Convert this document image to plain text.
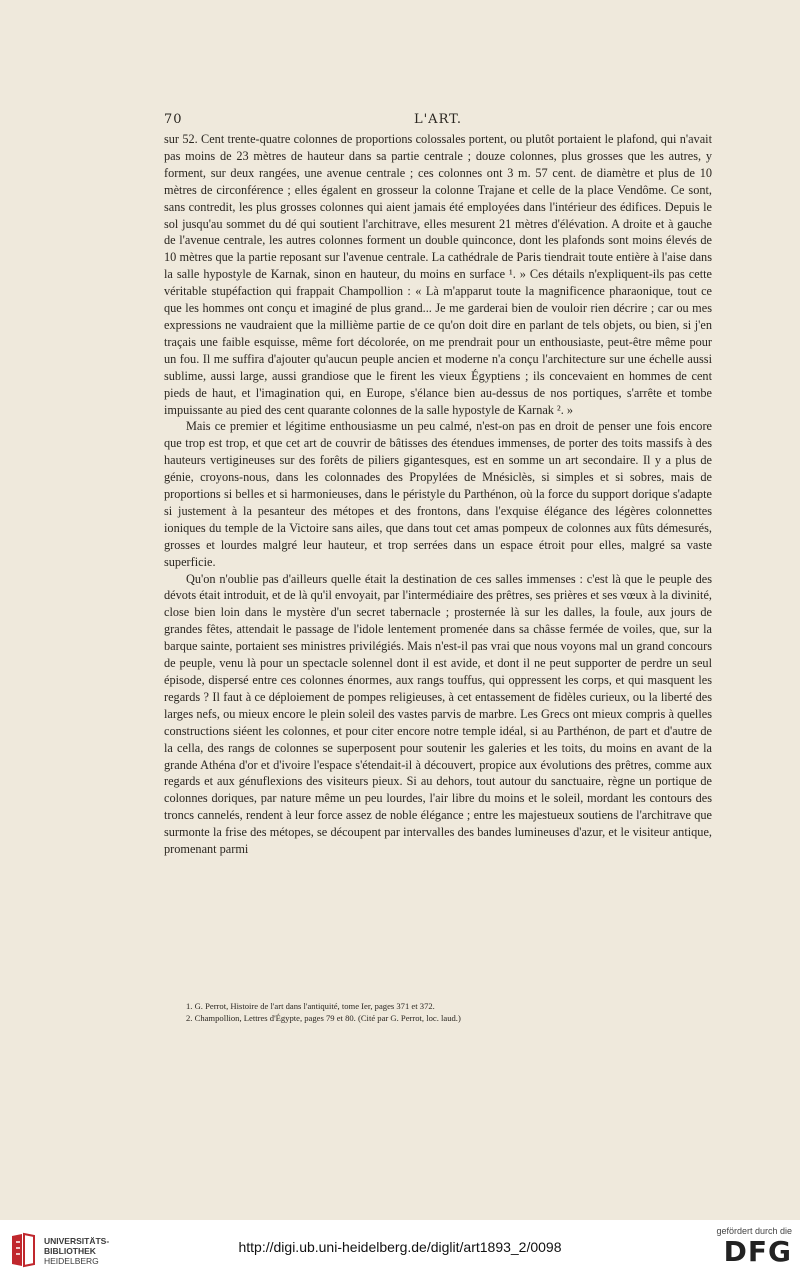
70	L'ART.

sur 52. Cent trente-quatre colonnes de proportions colossales portent, ou plutôt portaient le plafond, qui n'avait pas moins de 23 mètres de hauteur dans sa partie centrale ; douze colonnes, plus grosses que les autres, y forment, sur deux rangées, une avenue centrale ; ces colonnes ont 3 m. 57 cent. de diamètre et plus de 10 mètres de circonférence ; elles égalent en grosseur la colonne Trajane et celle de la place Vendôme. Ce sont, sans contredit, les plus grosses colonnes qui aient jamais été employées dans l'intérieur des édifices. Depuis le sol jusqu'au sommet du dé qui soutient l'architrave, elles mesurent 21 mètres d'élévation. A droite et à gauche de l'avenue centrale, les autres colonnes forment un double quinconce, dont les plafonds sont moins élevés de 10 mètres que la partie reposant sur l'avenue centrale. La cathédrale de Paris tiendrait toute entière à l'aise dans la salle hypostyle de Karnak, sinon en hauteur, du moins en surface ¹. » Ces détails n'expliquent-ils pas cette véritable stupéfaction qui frappait Champollion : « Là m'apparut toute la magnificence pharaonique, tout ce que les hommes ont conçu et imaginé de plus grand... Je me garderai bien de vouloir rien décrire ; car ou mes expressions ne vaudraient que la millième partie de ce qu'on doit dire en parlant de tels objets, ou bien, si j'en traçais une faible esquisse, même fort décolorée, on me prendrait pour un enthousiaste, peut-être même pour un fou. Il me suffira d'ajouter qu'aucun peuple ancien et moderne n'a conçu l'architecture sur une échelle aussi sublime, aussi large, aussi grandiose que le firent les vieux Égyptiens ; ils concevaient en hommes de cent pieds de haut, et l'imagination qui, en Europe, s'élance bien au-dessus de nos portiques, s'arrête et tombe impuissante au pied des cent quarante colonnes de la salle hypostyle de Karnak ². »

Mais ce premier et légitime enthousiasme un peu calmé, n'est-on pas en droit de penser une fois encore que trop est trop, et que cet art de couvrir de bâtisses des étendues immenses, de porter des toits massifs à des hauteurs vertigineuses sur des forêts de piliers gigantesques, est en somme un art secondaire. Il y a plus de génie, croyons-nous, dans les colonnades des Propylées de Mnésiclès, si simples et si sobres, mais de proportions si belles et si harmonieuses, dans le péristyle du Parthénon, où la force du support dorique s'adapte si justement à la pesanteur des métopes et des frontons, dans l'exquise élégance des légères colonnettes ioniques du temple de la Victoire sans ailes, que dans tout cet amas pompeux de colonnes aux fûts démesurés, grosses et lourdes malgré leur hauteur, et trop serrées dans un espace étroit pour elles, malgré sa vaste superficie.

Qu'on n'oublie pas d'ailleurs quelle était la destination de ces salles immenses : c'est là que le peuple des dévots était introduit, et de là qu'il envoyait, par l'intermédiaire des prêtres, ses prières et ses vœux à la divinité, close bien loin dans le mystère d'un secret tabernacle ; prosternée là sur les dalles, la foule, aux jours de grandes fêtes, attendait le passage de l'idole lentement promenée dans sa châsse fermée de voiles, que, sur la barque sainte, portaient ses ministres privilégiés. Mais n'est-il pas vrai que nous voyons mal un grand concours de peuple, venu là pour un spectacle solennel dont il est avide, et dont il ne peut supporter de perdre un seul épisode, dispersé entre ces colonnes énormes, aux rangs touffus, qui oppressent les corps, et qui masquent les regards ? Il faut à ce déploiement de pompes religieuses, à cet entassement de fidèles curieux, ou la liberté des larges nefs, ou mieux encore le plein soleil des vastes parvis de marbre. Les Grecs ont mieux compris à quelles constructions siéent les colonnes, et pour citer encore notre temple idéal, si au Parthénon, de part et d'autre de la cella, des rangs de colonnes se superposent pour soutenir les galeries et les toits, du moins en avant de la grande Athéna d'or et d'ivoire l'espace s'étendait-il à découvert, propice aux évolutions des prêtres, comme aux regards et aux génuflexions des visiteurs pieux. Si au dehors, tout autour du sanctuaire, règne un portique de colonnes doriques, par nature même un peu lourdes, l'air libre du moins et le soleil, mordant les contours des troncs cannelés, rendent à leur force assez de noble élégance ; entre les majestueux soutiens de l'architrave que surmonte la frise des métopes, se découpent par intervalles des bandes lumineuses d'azur, et le visiteur antique, promenant parmi

1. G. Perrot, Histoire de l'art dans l'antiquité, tome Ier, pages 371 et 372.
2. Champollion, Lettres d'Égypte, pages 79 et 80. (Cité par G. Perrot, loc. laud.)
UNIVERSITÄTS-
BIBLIOTHEK
HEIDELBERG
http://digi.ub.uni-heidelberg.de/diglit/art1893_2/0098
gefördert durch die
DFG
